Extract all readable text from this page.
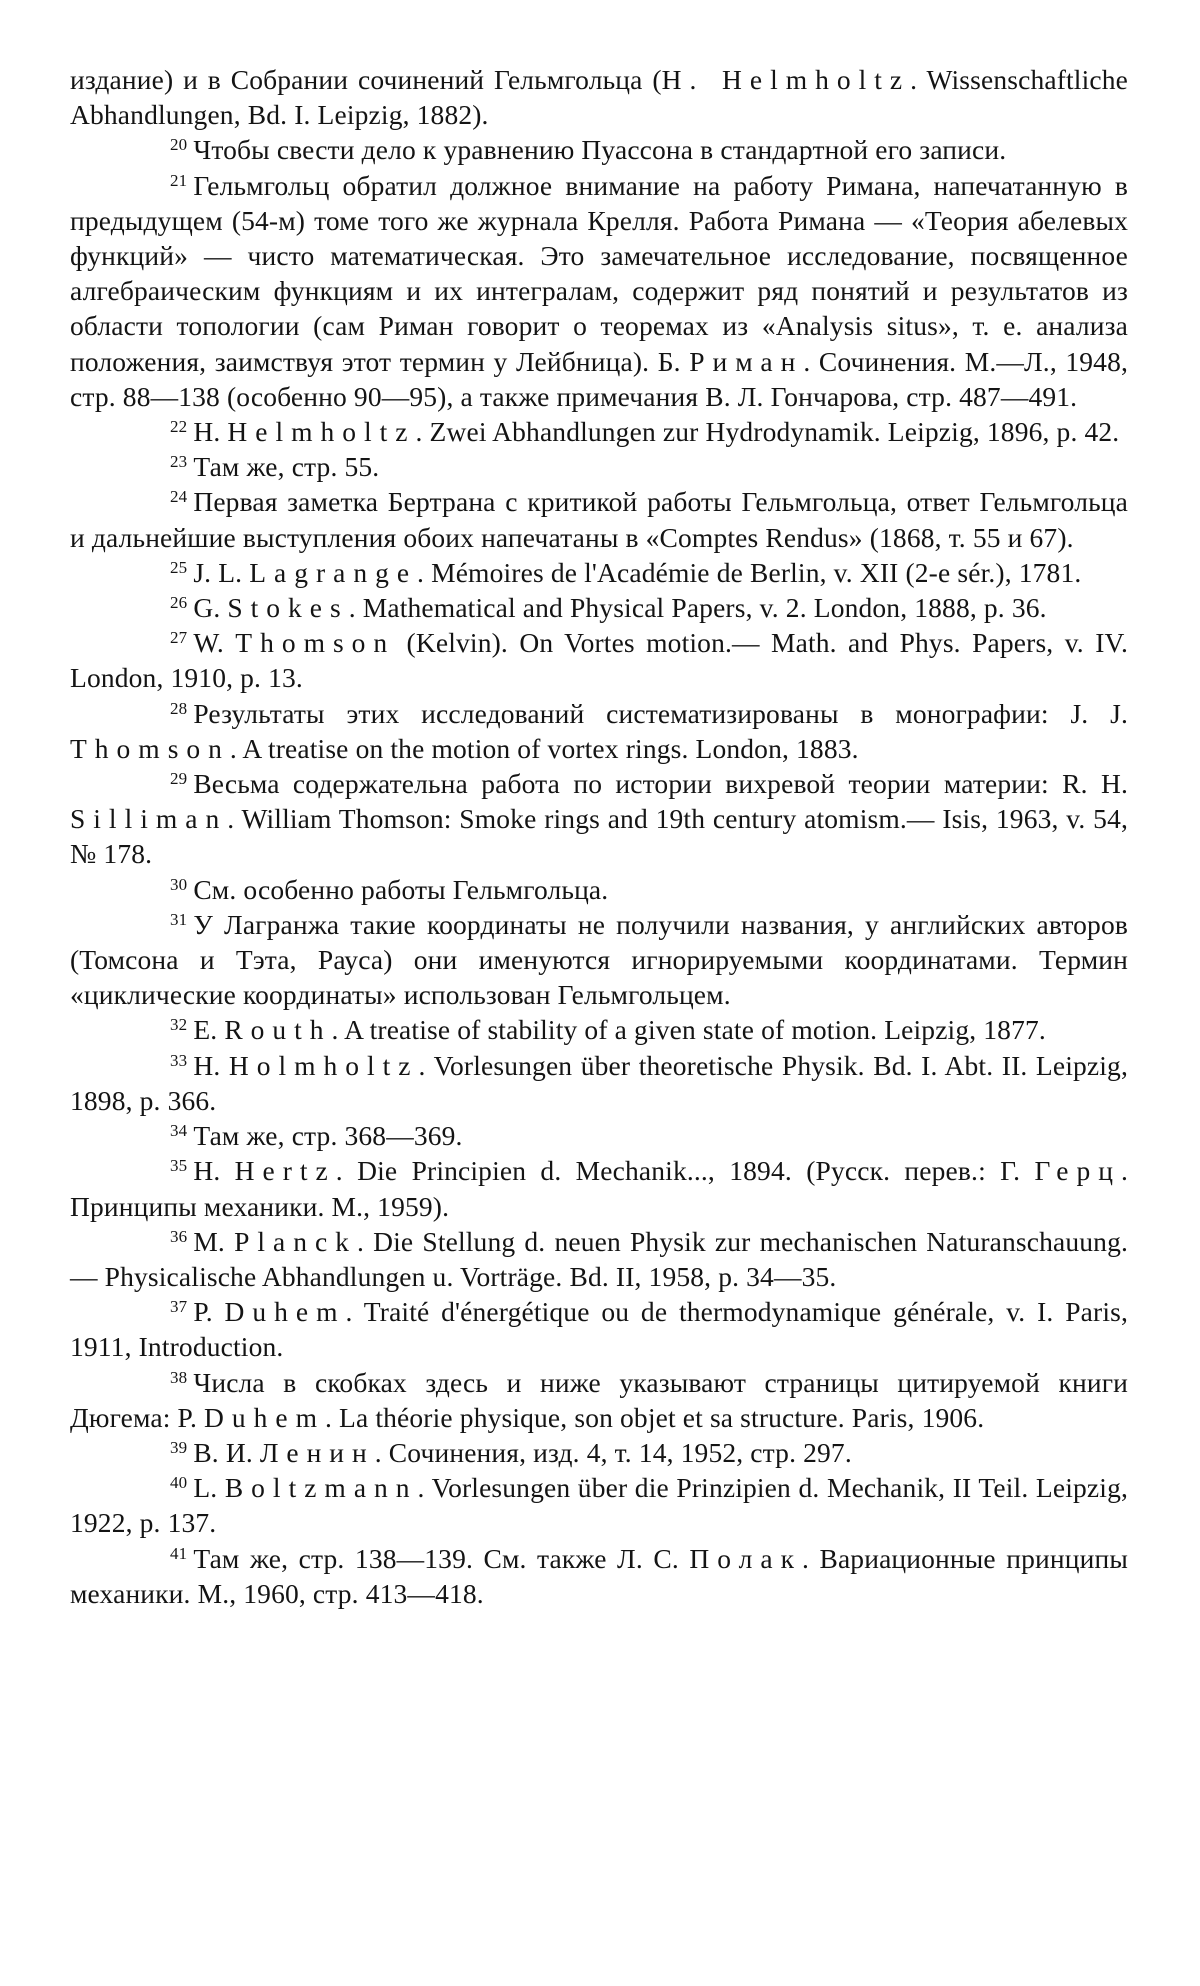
издание) и в Собрании сочинений Гельмгольца (H. Helmholtz. Wissenschaftliche Abhandlungen, Bd. I. Leipzig, 1882).

$^{20}$ Чтобы свести дело к уравнению Пуассона в стандартной его записи.

$^{21}$ Гельмгольц обратил должное внимание на работу Римана, напечатанную в предыдущем (54-м) томе того же журнала Крелля. Работа Римана — «Теория абелевых функций» — чисто математическая. Это замечательное исследование, посвященное алгебраическим функциям и их интегралам, содержит ряд понятий и результатов из области топологии (сам Риман говорит о теоремах из «Analysis situs», т. е. анализа положения, заимствуя этот термин у Лейбница). Б. Риман. Сочинения. М.—Л., 1948, стр. 88—138 (особенно 90—95), а также примечания В. Л. Гончарова, стр. 487—491.

$^{22}$ H. Helmholtz. Zwei Abhandlungen zur Hydrodynamik. Leipzig, 1896, p. 42.

$^{23}$ Там же, стр. 55.

$^{24}$ Первая заметка Бертрана с критикой работы Гельмгольца, ответ Гельмгольца и дальнейшие выступления обоих напечатаны в «Comptes Rendus» (1868, т. 55 и 67).

$^{25}$ J. L. Lagrange. Mémoires de l'Académie de Berlin, v. XII (2-e sér.), 1781.

$^{26}$ G. Stokes. Mathematical and Physical Papers, v. 2. London, 1888, p. 36.

$^{27}$ W. Thomson (Kelvin). On Vortes motion.— Math. and Phys. Papers, v. IV. London, 1910, p. 13.

$^{28}$ Результаты этих исследований систематизированы в монографии: J. J. Thomson. A treatise on the motion of vortex rings. London, 1883.

$^{29}$ Весьма содержательна работа по истории вихревой теории материи: R. H. Silliman. William Thomson: Smoke rings and 19th century atomism.— Isis, 1963, v. 54, № 178.

$^{30}$ См. особенно работы Гельмгольца.

$^{31}$ У Лагранжа такие координаты не получили названия, у английских авторов (Томсона и Тэта, Рауса) они именуются игнорируемыми координатами. Термин «циклические координаты» использован Гельмгольцем.

$^{32}$ E. Routh. A treatise of stability of a given state of motion. Leipzig, 1877.

$^{33}$ H. Holmholtz. Vorlesungen über theoretische Physik. Bd. I. Abt. II. Leipzig, 1898, p. 366.

$^{34}$ Там же, стр. 368—369.

$^{35}$ H. Hertz. Die Principien d. Mechanik..., 1894. (Русск. перев.: Г. Герц. Принципы механики. М., 1959).

$^{36}$ M. Planck. Die Stellung d. neuen Physik zur mechanischen Naturanschauung.— Physicalische Abhandlungen u. Vorträge. Bd. II, 1958, p. 34—35.

$^{37}$ P. Duhem. Traité d'énergétique ou de thermodynamique générale, v. I. Paris, 1911, Introduction.

$^{38}$ Числа в скобках здесь и ниже указывают страницы цитируемой книги Дюгема: P. Duhem. La théorie physique, son objet et sa structure. Paris, 1906.

$^{39}$ В. И. Ленин. Сочинения, изд. 4, т. 14, 1952, стр. 297.

$^{40}$ L. Boltzmann. Vorlesungen über die Prinzipien d. Mechanik, II Teil. Leipzig, 1922, p. 137.

$^{41}$ Там же, стр. 138—139. См. также Л. С. Полак. Вариационные принципы механики. М., 1960, стр. 413—418.
